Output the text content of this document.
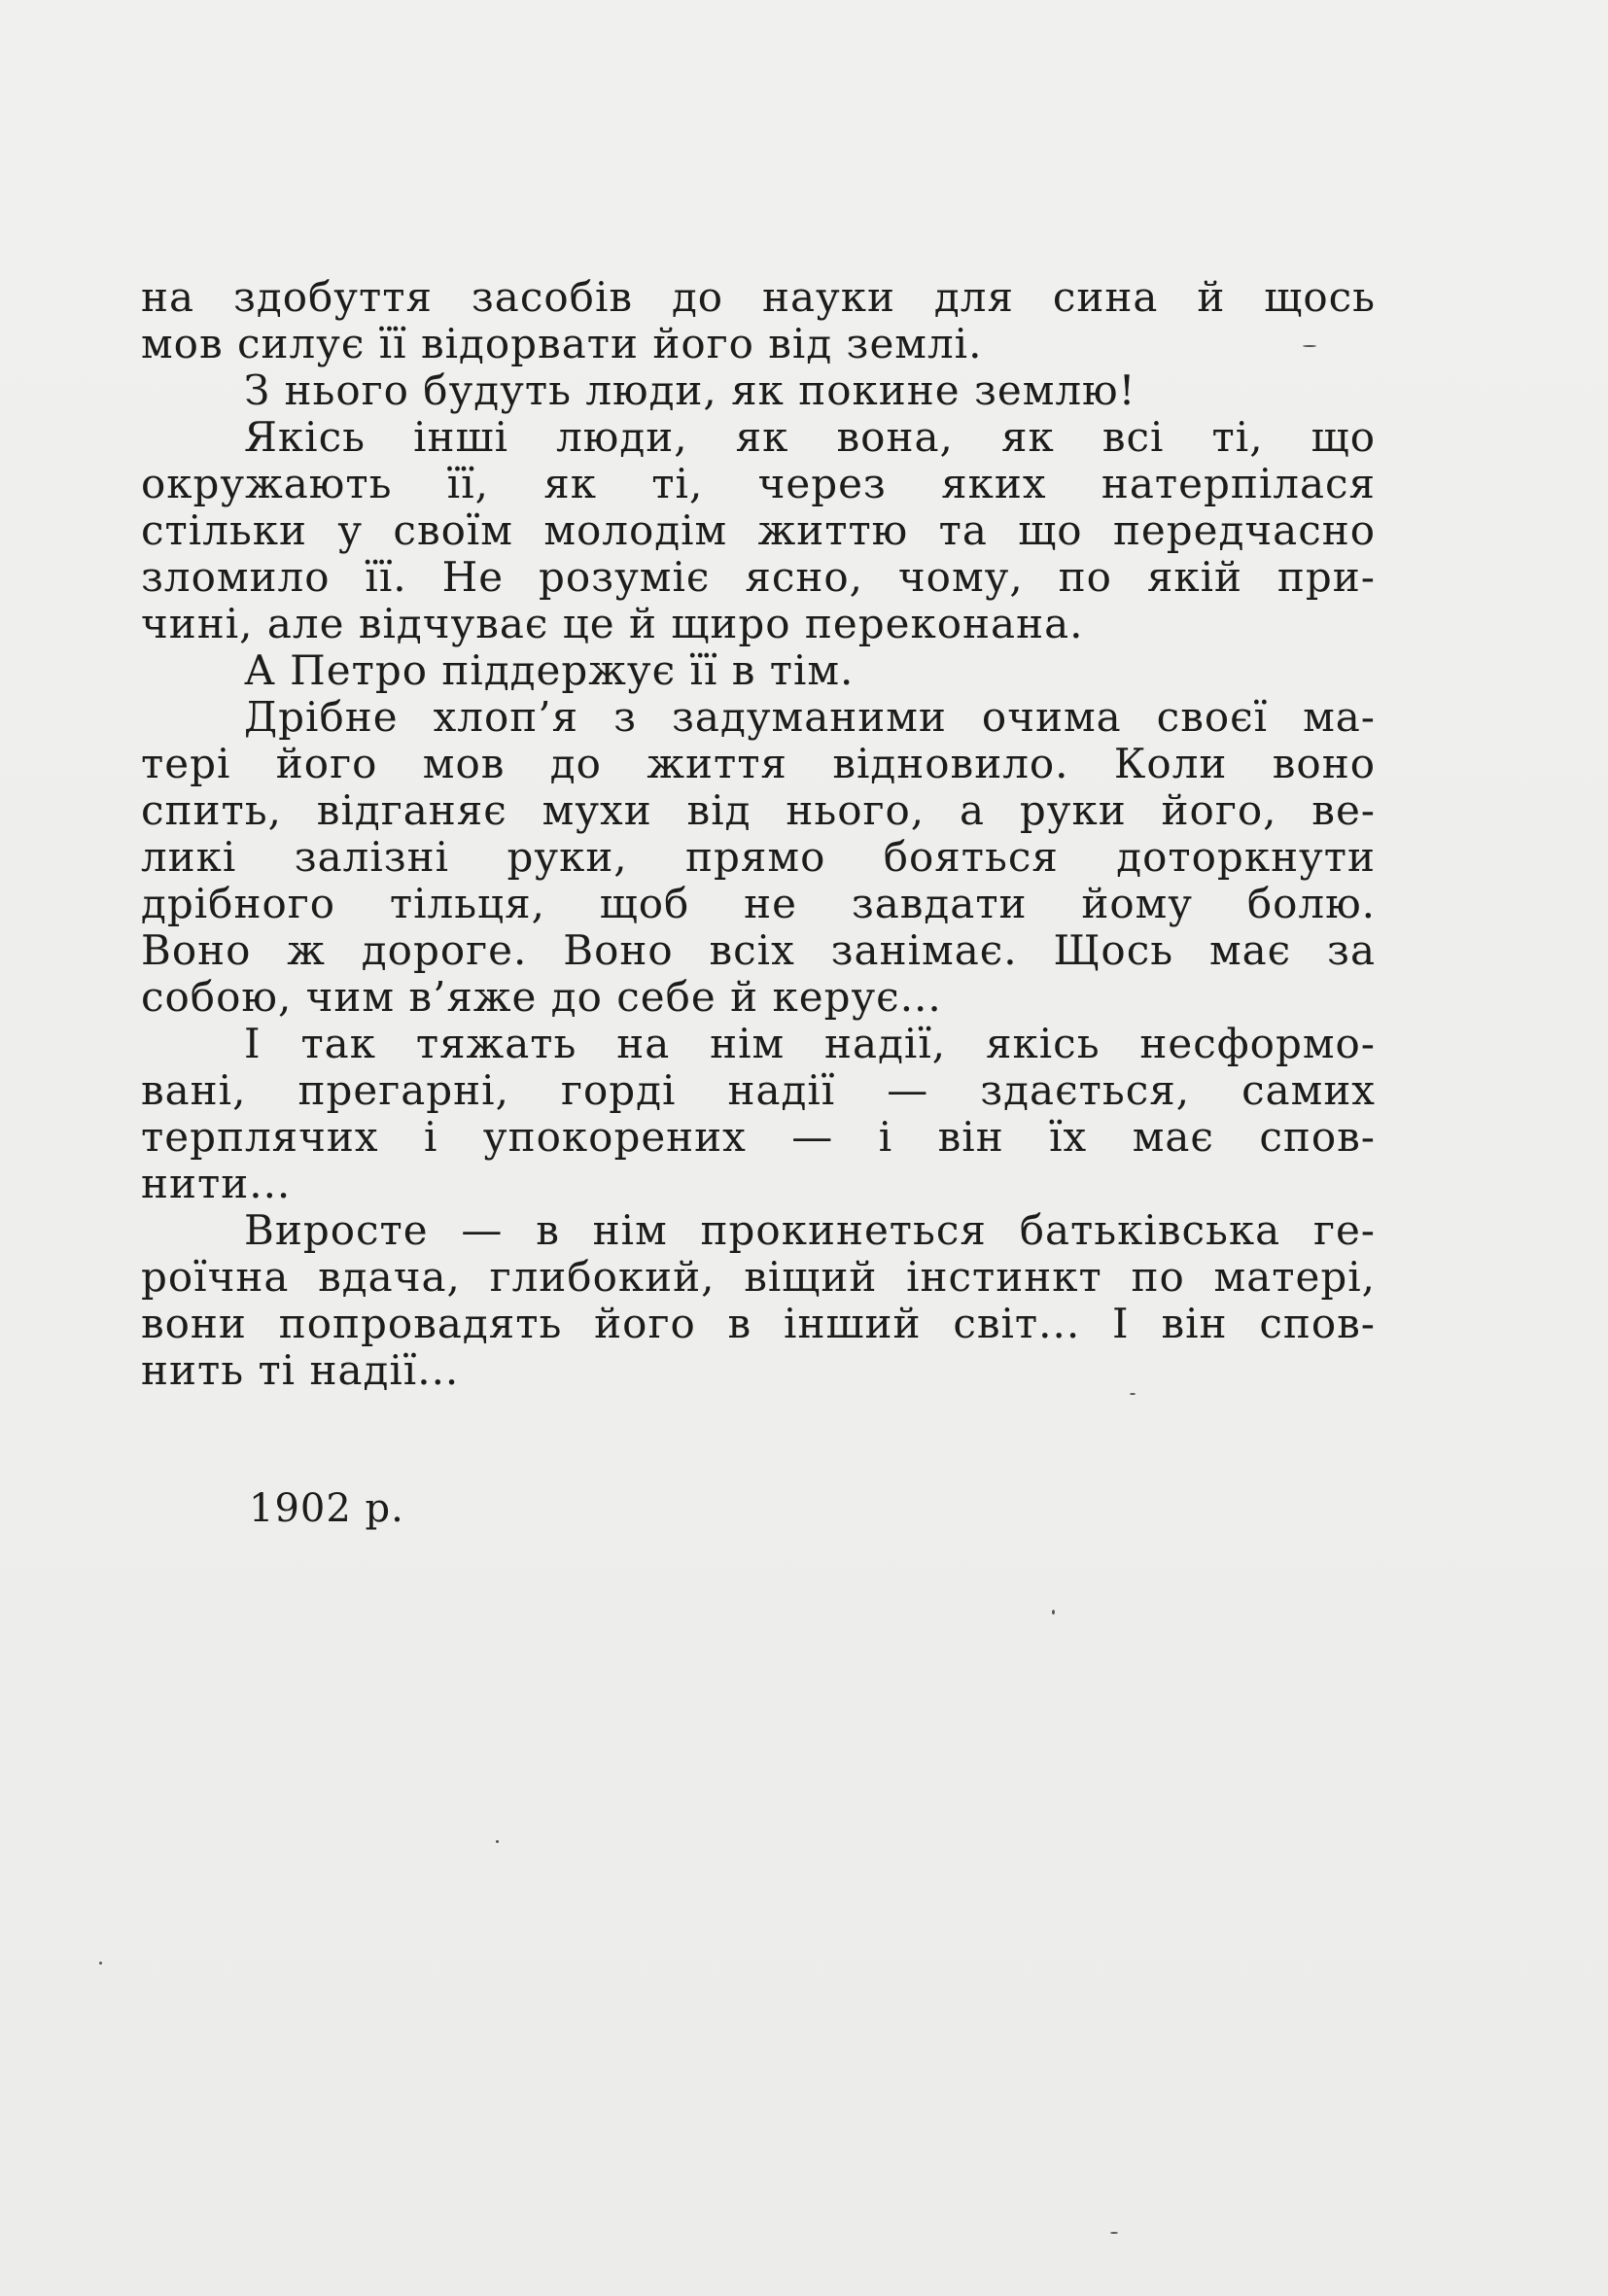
на здобуття засобів до науки для сина й щось
мов силує її відорвати його від землі.
З нього будуть люди, як покине землю!
Якісь інші люди, як вона, як всі ті, що
окружають її, як ті, через яких натерпілася
стільки у своїм молодім життю та що передчасно
зломило її. Не розуміє ясно, чому, по якій при-
чині, але відчуває це й щиро переконана.
А Петро піддержує її в тім.
Дрібне хлоп’я з задуманими очима своєї ма-
тері його мов до життя відновило. Коли воно
спить, відганяє мухи від нього, а руки його, ве-
ликі залізні руки, прямо бояться доторкнути
дрібного тільця, щоб не завдати йому болю.
Воно ж дороге. Воно всіх занімає. Щось має за
собою, чим в’яже до себе й керує...
І так тяжать на нім надії, якісь несформо-
вані, прегарні, горді надії — здається, самих
терплячих і упокорених — і він їх має спов-
нити...
Виросте — в нім прокинеться батьківська ге-
роїчна вдача, глибокий, віщий інстинкт по матері,
вони попровадять його в інший світ... І він спов-
нить ті надії...
1902 р.
